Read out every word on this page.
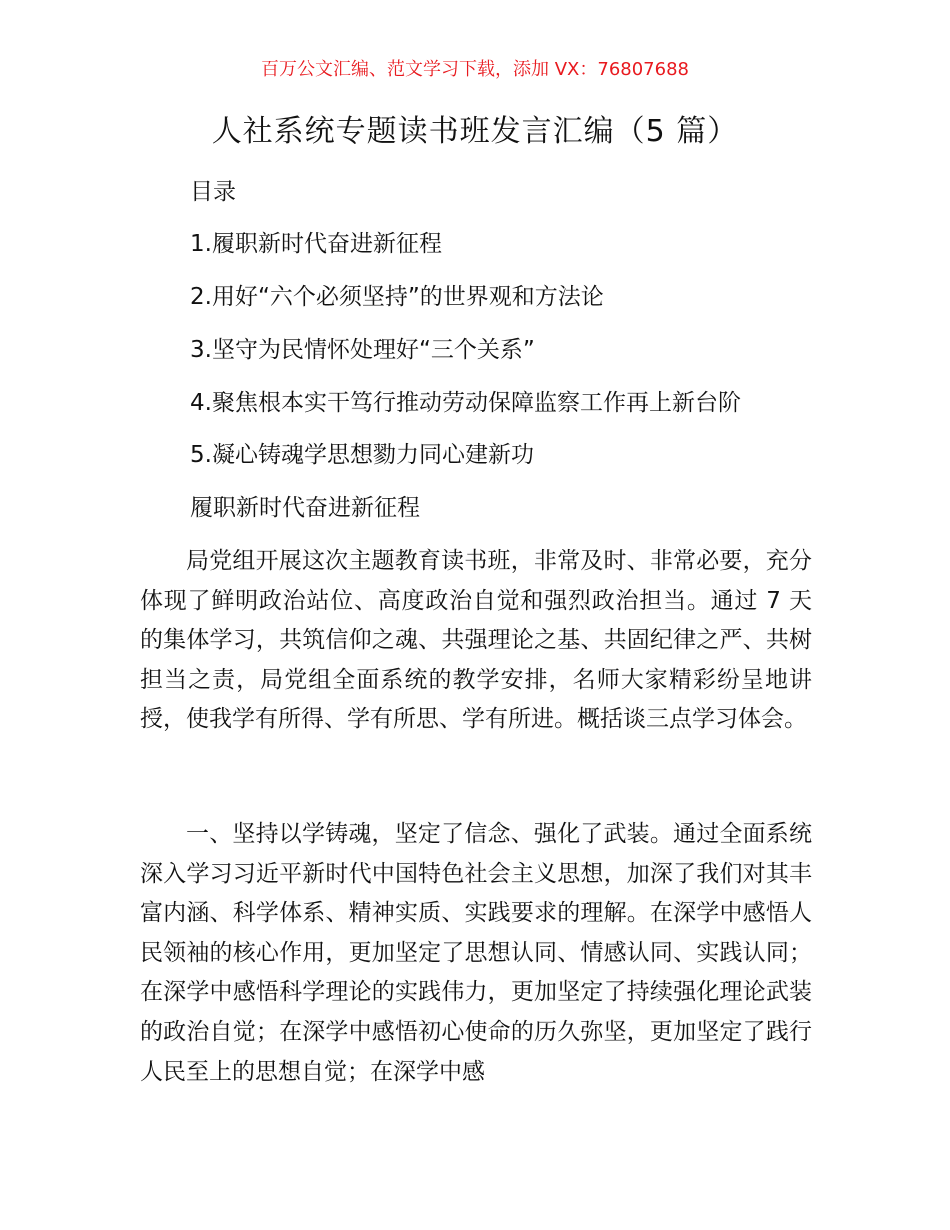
百万公文汇编、范文学习下载，添加 VX：76807688
人社系统专题读书班发言汇编（5 篇）
目录
1.履职新时代奋进新征程
2.用好“六个必须坚持”的世界观和方法论
3.坚守为民情怀处理好“三个关系”
4.聚焦根本实干笃行推动劳动保障监察工作再上新台阶
5.凝心铸魂学思想勠力同心建新功
履职新时代奋进新征程

局党组开展这次主题教育读书班，非常及时、非常必要，充分体现了鲜明政治站位、高度政治自觉和强烈政治担当。通过 7 天的集体学习，共筑信仰之魂、共强理论之基、共固纪律之严、共树担当之责，局党组全面系统的教学安排，名师大家精彩纷呈地讲授，使我学有所得、学有所思、学有所进。概括谈三点学习体会。

一、坚持以学铸魂，坚定了信念、强化了武装。通过全面系统深入学习习近平新时代中国特色社会主义思想，加深了我们对其丰富内涵、科学体系、精神实质、实践要求的理解。在深学中感悟人民领袖的核心作用，更加坚定了思想认同、情感认同、实践认同；在深学中感悟科学理论的实践伟力，更加坚定了持续强化理论武装的政治自觉；在深学中感悟初心使命的历久弥坚，更加坚定了践行人民至上的思想自觉；在深学中感
